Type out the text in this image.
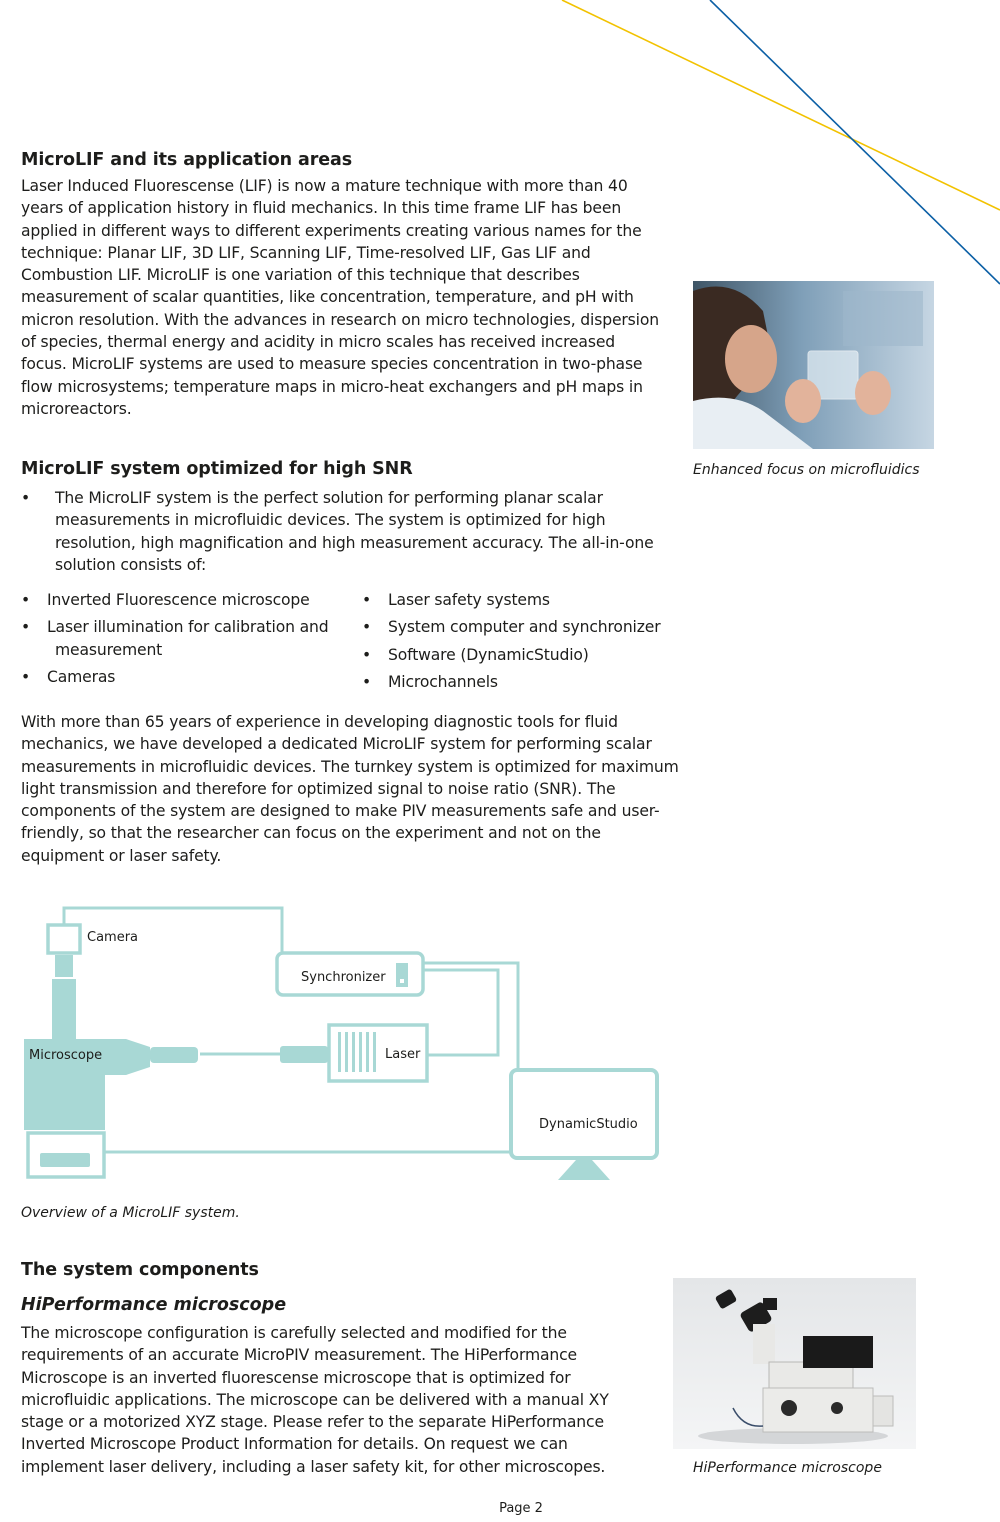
MicroLIF and its application areas

Laser Induced Fluorescense (LIF) is now a mature technique with more than 40 years of application history in fluid mechanics. In this time frame LIF has been applied in different ways to different experiments creating various names for the technique: Planar LIF, 3D LIF, Scanning LIF, Time-resolved LIF, Gas LIF and Combustion LIF. MicroLIF is one variation of this technique that describes measurement of scalar quantities, like concentration, temperature, and pH with micron resolution. With the advances in research on micro technologies, dispersion of species, thermal energy and acidity in micro scales has received increased focus. MicroLIF systems are used to measure species concentration in two-phase flow microsystems; temperature maps in micro-heat exchangers and pH maps in microreactors.

Enhanced focus on microfluidics

MicroLIF system optimized for high SNR
• The MicroLIF system is the perfect solution for performing planar scalar measurements in microfluidic devices. The system is optimized for high resolution, high magnification and high measurement accuracy. The all-in-one solution consists of:
• Inverted Fluorescence microscope
• Laser illumination for calibration and
measurement
• Cameras
• Laser safety systems
• System computer and synchronizer
• Software (DynamicStudio)
• Microchannels

With more than 65 years of experience in developing diagnostic tools for fluid mechanics, we have developed a dedicated MicroLIF system for performing scalar measurements in microfluidic devices. The turnkey system is optimized for maximum light transmission and therefore for optimized signal to noise ratio (SNR). The components of the system are designed to make PIV measurements safe and user-friendly, so that the researcher can focus on the experiment and not on the equipment or laser safety.

Camera
Synchronizer
Microscope	Laser
DynamicStudio

Overview of a MicroLIF system.

The system components
HiPerformance microscope

The microscope configuration is carefully selected and modified for the requirements of an accurate MicroPIV measurement. The HiPerformance Microscope is an inverted fluorescense microscope that is optimized for microfluidic applications. The microscope can be delivered with a manual XY stage or a motorized XYZ stage. Please refer to the separate HiPerformance Inverted Microscope Product Information for details. On request we can implement laser delivery, including a laser safety kit, for other microscopes.	HiPerformance microscope

Page 2
